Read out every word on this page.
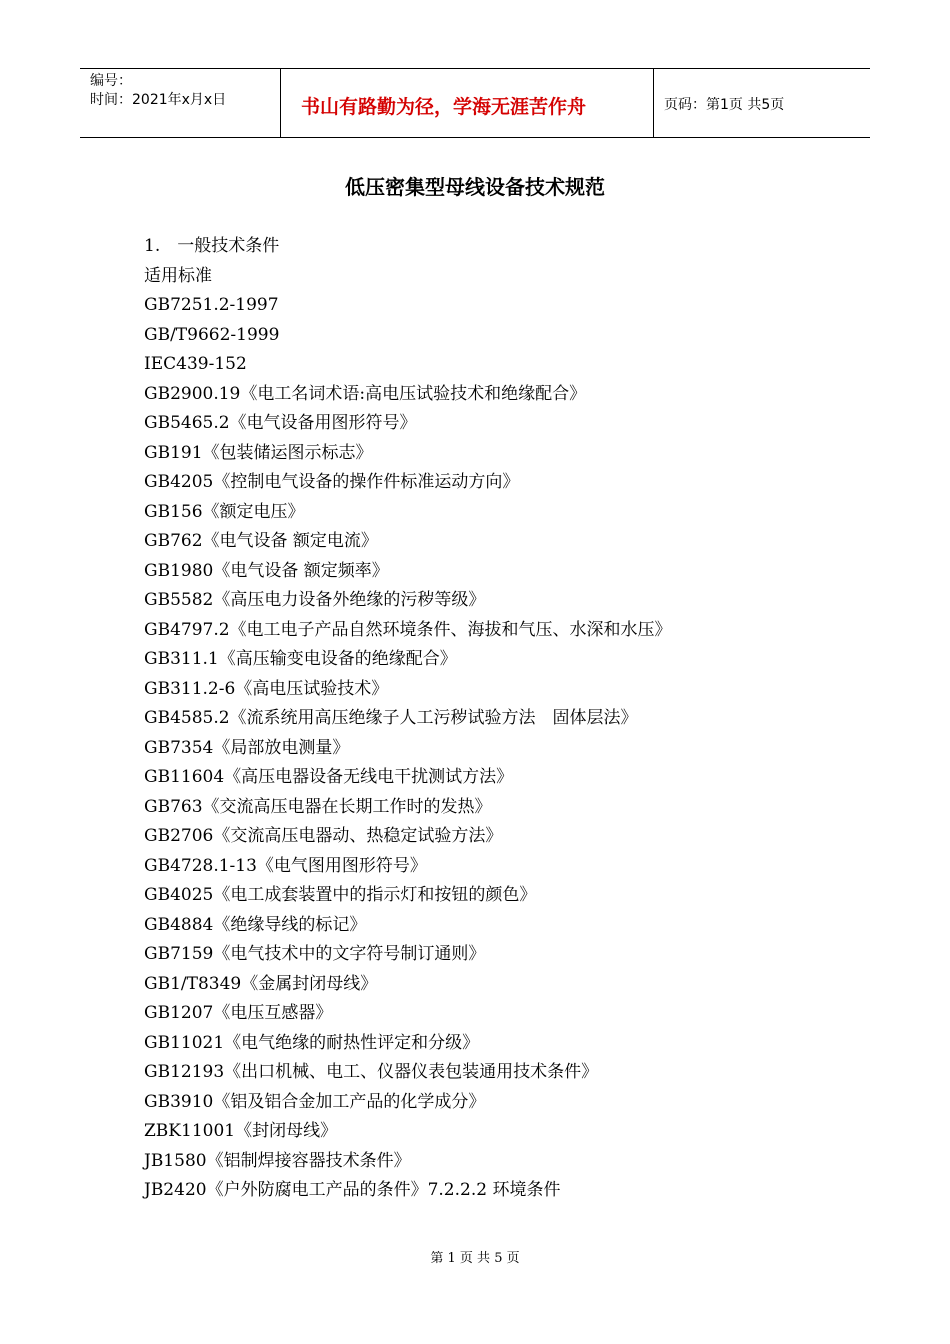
编号：
时间：2021年x月x日	书山有路勤为径，学海无涯苦作舟	页码：第1页 共5页
低压密集型母线设备技术规范
1.　一般技术条件
适用标准
GB7251.2-1997
GB/T9662-1999
IEC439-152
GB2900.19《电工名词术语:高电压试验技术和绝缘配合》
GB5465.2《电气设备用图形符号》
GB191《包装储运图示标志》
GB4205《控制电气设备的操作件标准运动方向》
GB156《额定电压》
GB762《电气设备 额定电流》
GB1980《电气设备 额定频率》
GB5582《高压电力设备外绝缘的污秽等级》
GB4797.2《电工电子产品自然环境条件、海拔和气压、水深和水压》
GB311.1《高压输变电设备的绝缘配合》
GB311.2-6《高电压试验技术》
GB4585.2《流系统用高压绝缘子人工污秽试验方法　固体层法》
GB7354《局部放电测量》
GB11604《高压电器设备无线电干扰测试方法》
GB763《交流高压电器在长期工作时的发热》
GB2706《交流高压电器动、热稳定试验方法》
GB4728.1-13《电气图用图形符号》
GB4025《电工成套装置中的指示灯和按钮的颜色》
GB4884《绝缘导线的标记》
GB7159《电气技术中的文字符号制订通则》
GB1/T8349《金属封闭母线》
GB1207《电压互感器》
GB11021《电气绝缘的耐热性评定和分级》
GB12193《出口机械、电工、仪器仪表包装通用技术条件》
GB3910《铝及铝合金加工产品的化学成分》
ZBK11001《封闭母线》
JB1580《铝制焊接容器技术条件》
JB2420《户外防腐电工产品的条件》7.2.2.2 环境条件
第 1 页 共 5 页
